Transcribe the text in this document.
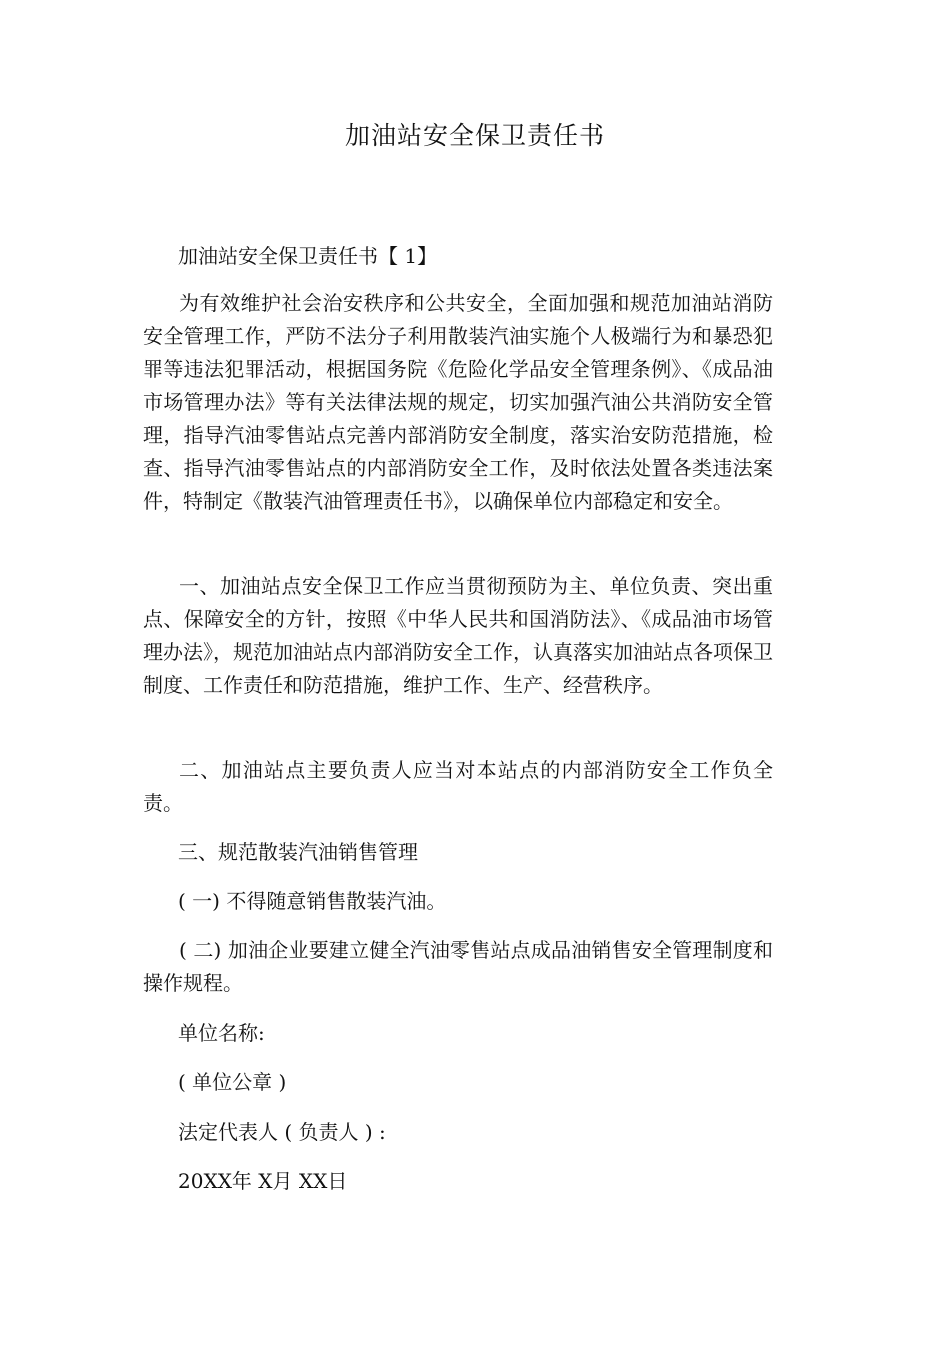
加油站安全保卫责任书

加油站安全保卫责任书【 1】

为有效维护社会治安秩序和公共安全，全面加强和规范加油站消防安全管理工作，严防不法分子利用散装汽油实施个人极端行为和暴恐犯罪等违法犯罪活动，根据国务院《危险化学品安全管理条例》、《成品油市场管理办法》等有关法律法规的规定，切实加强汽油公共消防安全管理，指导汽油零售站点完善内部消防安全制度，落实治安防范措施，检查、指导汽油零售站点的内部消防安全工作，及时依法处置各类违法案件，特制定《散装汽油管理责任书》，以确保单位内部稳定和安全。

一、加油站点安全保卫工作应当贯彻预防为主、单位负责、突出重点、保障安全的方针，按照《中华人民共和国消防法》、《成品油市场管理办法》，规范加油站点内部消防安全工作，认真落实加油站点各项保卫制度、工作责任和防范措施，维护工作、生产、经营秩序。

二、加油站点主要负责人应当对本站点的内部消防安全工作负全责。

三、规范散装汽油销售管理

( 一) 不得随意销售散装汽油。

( 二) 加油企业要建立健全汽油零售站点成品油销售安全管理制度和操作规程。

单位名称:

( 单位公章 )

法定代表人 ( 负责人 ) :

20XX年 X月 XX日
